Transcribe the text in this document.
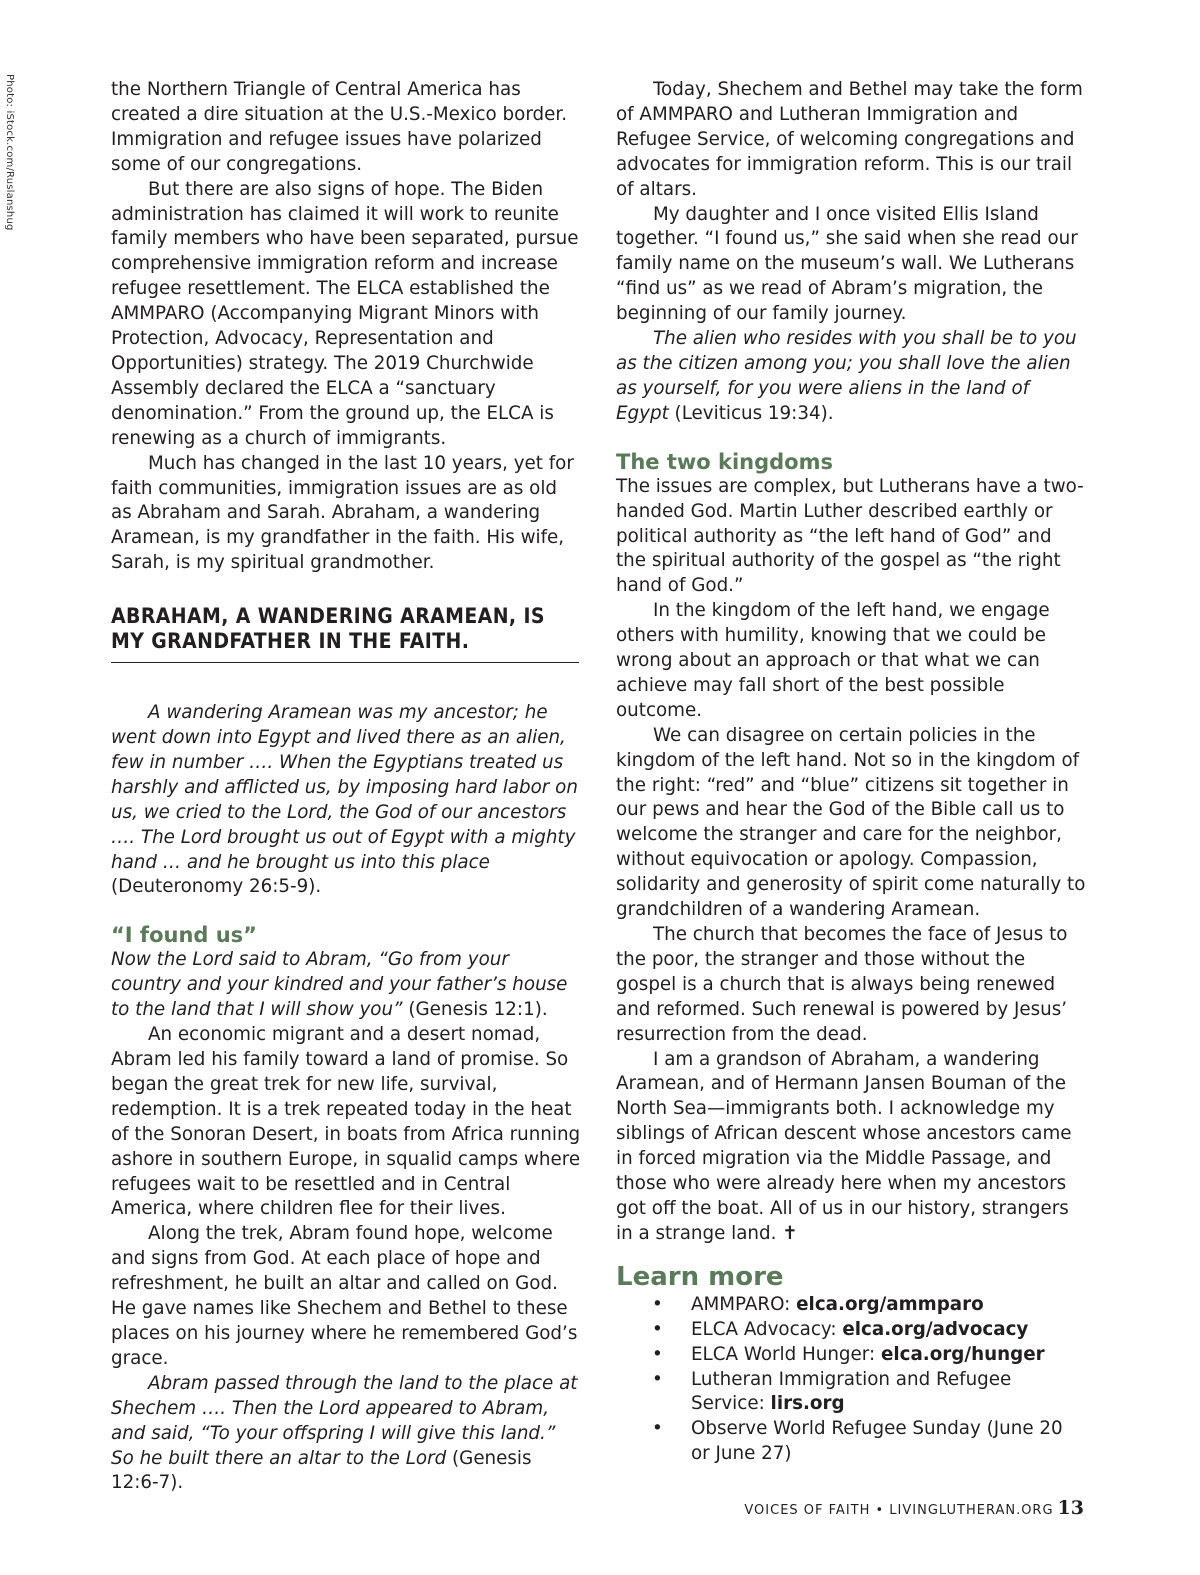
Photo: iStock.com/Ruslanshug	the Northern Triangle of Central America has created a dire situation at the U.S.-Mexico border. Immigration and refugee issues have polarized some of our congregations.

But there are also signs of hope. The Biden administration has claimed it will work to reunite family members who have been separated, pursue comprehensive immigration reform and increase refugee resettlement. The ELCA established the AMMPARO (Accompanying Migrant Minors with Protection, Advocacy, Representation and Opportunities) strategy. The 2019 Churchwide Assembly declared the ELCA a “sanctuary denomination.” From the ground up, the ELCA is renewing as a church of immigrants.

Much has changed in the last 10 years, yet for faith communities, immigration issues are as old as Abraham and Sarah. Abraham, a wandering Aramean, is my grandfather in the faith. His wife, Sarah, is my spiritual grandmother.

ABRAHAM, A WANDERING ARAMEAN, IS MY GRANDFATHER IN THE FAITH.

A wandering Aramean was my ancestor; he went down into Egypt and lived there as an alien, few in number …. When the Egyptians treated us harshly and afflicted us, by imposing hard labor on us, we cried to the Lord, the God of our ancestors …. The Lord brought us out of Egypt with a mighty hand … and he brought us into this place (Deuteronomy 26:5-9).

“I found us”

Now the Lord said to Abram, “Go from your country and your kindred and your father’s house to the land that I will show you” (Genesis 12:1).

An economic migrant and a desert nomad, Abram led his family toward a land of promise. So began the great trek for new life, survival, redemption. It is a trek repeated today in the heat of the Sonoran Desert, in boats from Africa running ashore in southern Europe, in squalid camps where refugees wait to be resettled and in Central America, where children flee for their lives.

Along the trek, Abram found hope, welcome and signs from God. At each place of hope and refreshment, he built an altar and called on God. He gave names like Shechem and Bethel to these places on his journey where he remembered God’s grace.

Abram passed through the land to the place at Shechem …. Then the Lord appeared to Abram, and said, “To your offspring I will give this land.” So he built there an altar to the Lord (Genesis 12:6-7).

Today, Shechem and Bethel may take the form of AMMPARO and Lutheran Immigration and Refugee Service, of welcoming congregations and advocates for immigration reform. This is our trail of altars.

My daughter and I once visited Ellis Island together. “I found us,” she said when she read our family name on the museum’s wall. We Lutherans “find us” as we read of Abram’s migration, the beginning of our family journey.

The alien who resides with you shall be to you as the citizen among you; you shall love the alien as yourself, for you were aliens in the land of Egypt (Leviticus 19:34).

The two kingdoms

The issues are complex, but Lutherans have a two-handed God. Martin Luther described earthly or political authority as “the left hand of God” and the spiritual authority of the gospel as “the right hand of God.”

In the kingdom of the left hand, we engage others with humility, knowing that we could be wrong about an approach or that what we can achieve may fall short of the best possible outcome.

We can disagree on certain policies in the kingdom of the left hand. Not so in the kingdom of the right: “red” and “blue” citizens sit together in our pews and hear the God of the Bible call us to welcome the stranger and care for the neighbor, without equivocation or apology. Compassion, solidarity and generosity of spirit come naturally to grandchildren of a wandering Aramean.

The church that becomes the face of Jesus to the poor, the stranger and those without the gospel is a church that is always being renewed and reformed. Such renewal is powered by Jesus’ resurrection from the dead.

I am a grandson of Abraham, a wandering Aramean, and of Hermann Jansen Bouman of the North Sea—immigrants both. I acknowledge my siblings of African descent whose ancestors came in forced migration via the Middle Passage, and those who were already here when my ancestors got off the boat. All of us in our history, strangers in a strange land. ✝

Learn more
• AMMPARO: elca.org/ammparo
• ELCA Advocacy: elca.org/advocacy
• ELCA World Hunger: elca.org/hunger
• Lutheran Immigration and Refugee Service: lirs.org
• Observe World Refugee Sunday (June 20 or June 27)
VOICES OF FAITH • LIVINGLUTHERAN.ORG 13
